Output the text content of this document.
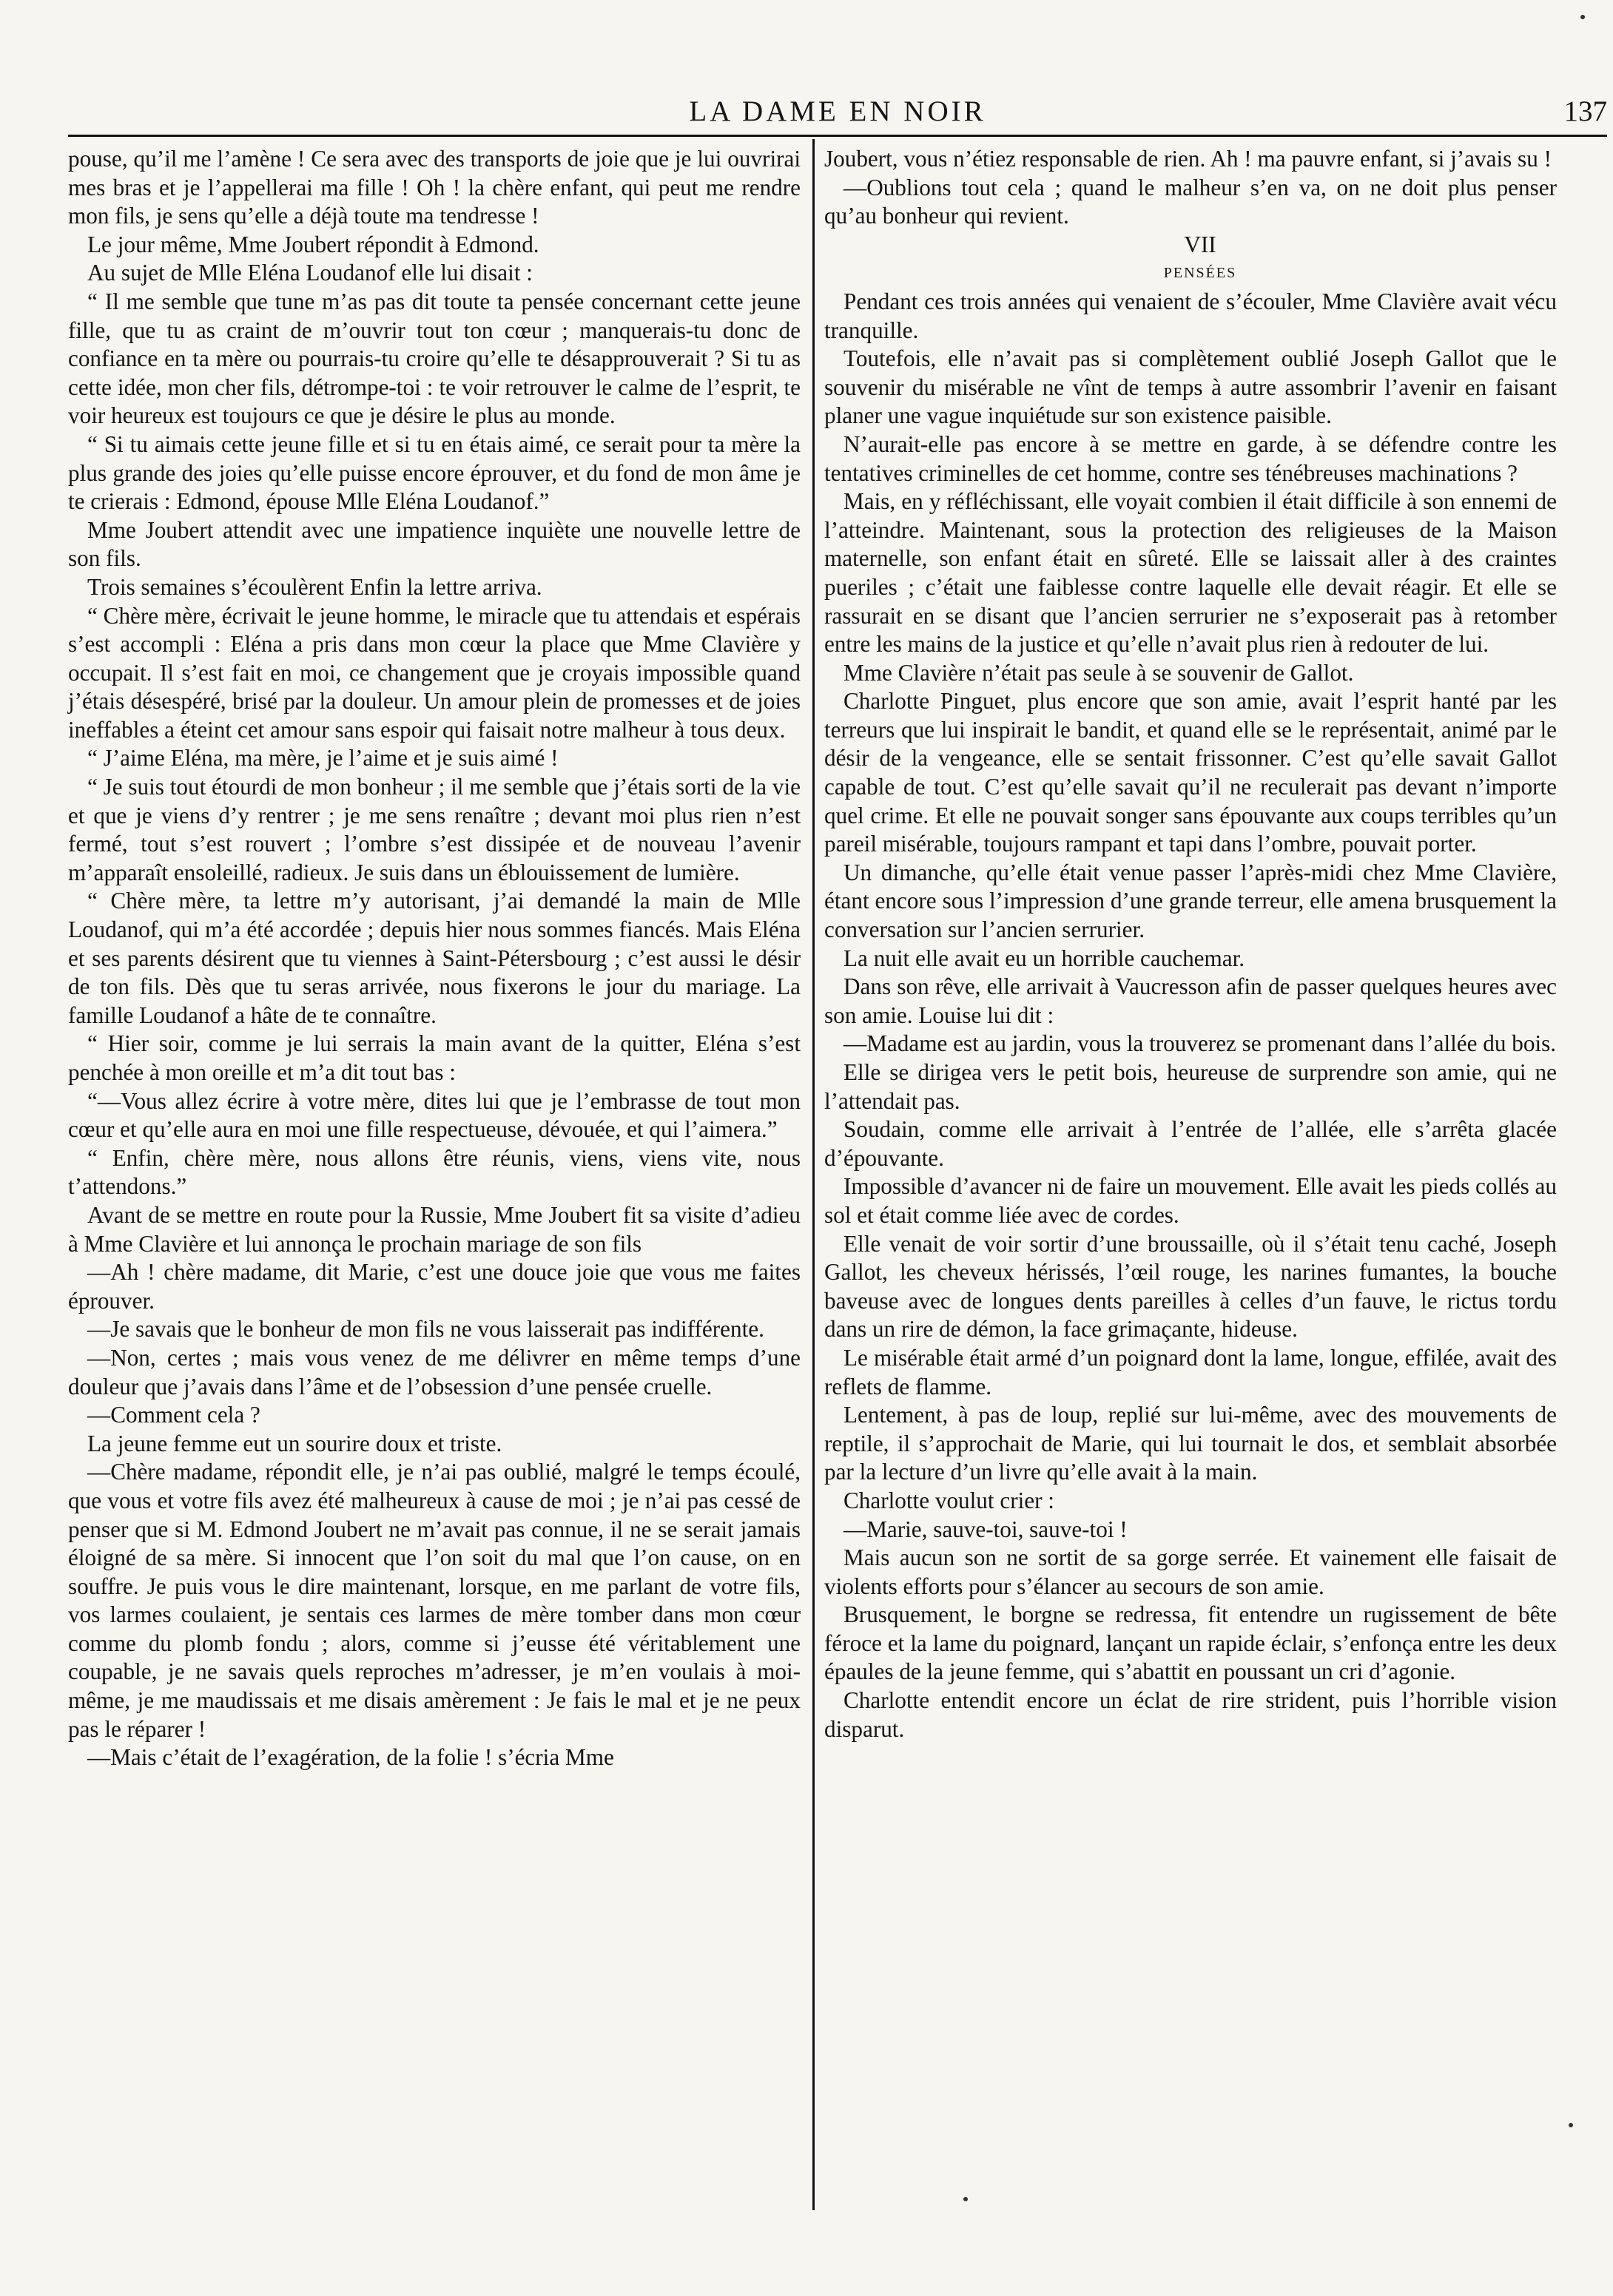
LA DAME EN NOIR	137

pouse, qu’il me l’amène ! Ce sera avec des transports de joie que je lui ouvrirai mes bras et je l’appellerai ma fille ! Oh ! la chère enfant, qui peut me rendre mon fils, je sens qu’elle a déjà toute ma tendresse !

Le jour même, Mme Joubert répondit à Edmond.

Au sujet de Mlle Eléna Loudanof elle lui disait :

“ Il me semble que tune m’as pas dit toute ta pensée concernant cette jeune fille, que tu as craint de m’ouvrir tout ton cœur ; manquerais-tu donc de confiance en ta mère ou pourrais-tu croire qu’elle te désapprouverait ? Si tu as cette idée, mon cher fils, détrompe-toi : te voir retrouver le calme de l’esprit, te voir heureux est toujours ce que je désire le plus au monde.

“ Si tu aimais cette jeune fille et si tu en étais aimé, ce serait pour ta mère la plus grande des joies qu’elle puisse encore éprouver, et du fond de mon âme je te crierais : Edmond, épouse Mlle Eléna Loudanof.”

Mme Joubert attendit avec une impatience inquiète une nouvelle lettre de son fils.

Trois semaines s’écoulèrent Enfin la lettre arriva.

“ Chère mère, écrivait le jeune homme, le miracle que tu attendais et espérais s’est accompli : Eléna a pris dans mon cœur la place que Mme Clavière y occupait. Il s’est fait en moi, ce changement que je croyais impossible quand j’étais désespéré, brisé par la douleur. Un amour plein de promesses et de joies ineffables a éteint cet amour sans espoir qui faisait notre malheur à tous deux.

“ J’aime Eléna, ma mère, je l’aime et je suis aimé !

“ Je suis tout étourdi de mon bonheur ; il me semble que j’étais sorti de la vie et que je viens d’y rentrer ; je me sens renaître ; devant moi plus rien n’est fermé, tout s’est rouvert ; l’ombre s’est dissipée et de nouveau l’avenir m’apparaît ensoleillé, radieux. Je suis dans un éblouissement de lumière.

“ Chère mère, ta lettre m’y autorisant, j’ai demandé la main de Mlle Loudanof, qui m’a été accordée ; depuis hier nous sommes fiancés. Mais Eléna et ses parents désirent que tu viennes à Saint-Pétersbourg ; c’est aussi le désir de ton fils. Dès que tu seras arrivée, nous fixerons le jour du mariage. La famille Loudanof a hâte de te connaître.

“ Hier soir, comme je lui serrais la main avant de la quitter, Eléna s’est penchée à mon oreille et m’a dit tout bas :

“—Vous allez écrire à votre mère, dites lui que je l’embrasse de tout mon cœur et qu’elle aura en moi une fille respectueuse, dévouée, et qui l’aimera.”

“ Enfin, chère mère, nous allons être réunis, viens, viens vite, nous t’attendons.”

Avant de se mettre en route pour la Russie, Mme Joubert fit sa visite d’adieu à Mme Clavière et lui annonça le prochain mariage de son fils

—Ah ! chère madame, dit Marie, c’est une douce joie que vous me faites éprouver.

—Je savais que le bonheur de mon fils ne vous laisserait pas indifférente.

—Non, certes ; mais vous venez de me délivrer en même temps d’une douleur que j’avais dans l’âme et de l’obsession d’une pensée cruelle.

—Comment cela ?

La jeune femme eut un sourire doux et triste.

—Chère madame, répondit elle, je n’ai pas oublié, malgré le temps écoulé, que vous et votre fils avez été malheureux à cause de moi ; je n’ai pas cessé de penser que si M. Edmond Joubert ne m’avait pas connue, il ne se serait jamais éloigné de sa mère. Si innocent que l’on soit du mal que l’on cause, on en souffre. Je puis vous le dire maintenant, lorsque, en me parlant de votre fils, vos larmes coulaient, je sentais ces larmes de mère tomber dans mon cœur comme du plomb fondu ; alors, comme si j’eusse été véritablement une coupable, je ne savais quels reproches m’adresser, je m’en voulais à moi-même, je me maudissais et me disais amèrement : Je fais le mal et je ne peux pas le réparer !

—Mais c’était de l’exagération, de la folie ! s’écria Mme

Joubert, vous n’étiez responsable de rien. Ah ! ma pauvre enfant, si j’avais su !

—Oublions tout cela ; quand le malheur s’en va, on ne doit plus penser qu’au bonheur qui revient.

VII

PENSÉES

Pendant ces trois années qui venaient de s’écouler, Mme Clavière avait vécu tranquille.

Toutefois, elle n’avait pas si complètement oublié Joseph Gallot que le souvenir du misérable ne vînt de temps à autre assombrir l’avenir en faisant planer une vague inquiétude sur son existence paisible.

N’aurait-elle pas encore à se mettre en garde, à se défendre contre les tentatives criminelles de cet homme, contre ses ténébreuses machinations ?

Mais, en y réfléchissant, elle voyait combien il était difficile à son ennemi de l’atteindre. Maintenant, sous la protection des religieuses de la Maison maternelle, son enfant était en sûreté. Elle se laissait aller à des craintes pueriles ; c’était une faiblesse contre laquelle elle devait réagir. Et elle se rassurait en se disant que l’ancien serrurier ne s’exposerait pas à retomber entre les mains de la justice et qu’elle n’avait plus rien à redouter de lui.

Mme Clavière n’était pas seule à se souvenir de Gallot.

Charlotte Pinguet, plus encore que son amie, avait l’esprit hanté par les terreurs que lui inspirait le bandit, et quand elle se le représentait, animé par le désir de la vengeance, elle se sentait frissonner. C’est qu’elle savait Gallot capable de tout. C’est qu’elle savait qu’il ne reculerait pas devant n’importe quel crime. Et elle ne pouvait songer sans épouvante aux coups terribles qu’un pareil misérable, toujours rampant et tapi dans l’ombre, pouvait porter.

Un dimanche, qu’elle était venue passer l’après-midi chez Mme Clavière, étant encore sous l’impression d’une grande terreur, elle amena brusquement la conversation sur l’ancien serrurier.

La nuit elle avait eu un horrible cauchemar.

Dans son rêve, elle arrivait à Vaucresson afin de passer quelques heures avec son amie. Louise lui dit :

—Madame est au jardin, vous la trouverez se promenant dans l’allée du bois.

Elle se dirigea vers le petit bois, heureuse de surprendre son amie, qui ne l’attendait pas.

Soudain, comme elle arrivait à l’entrée de l’allée, elle s’arrêta glacée d’épouvante.

Impossible d’avancer ni de faire un mouvement. Elle avait les pieds collés au sol et était comme liée avec de cordes.

Elle venait de voir sortir d’une broussaille, où il s’était tenu caché, Joseph Gallot, les cheveux hérissés, l’œil rouge, les narines fumantes, la bouche baveuse avec de longues dents pareilles à celles d’un fauve, le rictus tordu dans un rire de démon, la face grimaçante, hideuse.

Le misérable était armé d’un poignard dont la lame, longue, effilée, avait des reflets de flamme.

Lentement, à pas de loup, replié sur lui-même, avec des mouvements de reptile, il s’approchait de Marie, qui lui tournait le dos, et semblait absorbée par la lecture d’un livre qu’elle avait à la main.

Charlotte voulut crier :

—Marie, sauve-toi, sauve-toi !

Mais aucun son ne sortit de sa gorge serrée. Et vainement elle faisait de violents efforts pour s’élancer au secours de son amie.

Brusquement, le borgne se redressa, fit entendre un rugissement de bête féroce et la lame du poignard, lançant un rapide éclair, s’enfonça entre les deux épaules de la jeune femme, qui s’abattit en poussant un cri d’agonie.

Charlotte entendit encore un éclat de rire strident, puis l’horrible vision disparut.
